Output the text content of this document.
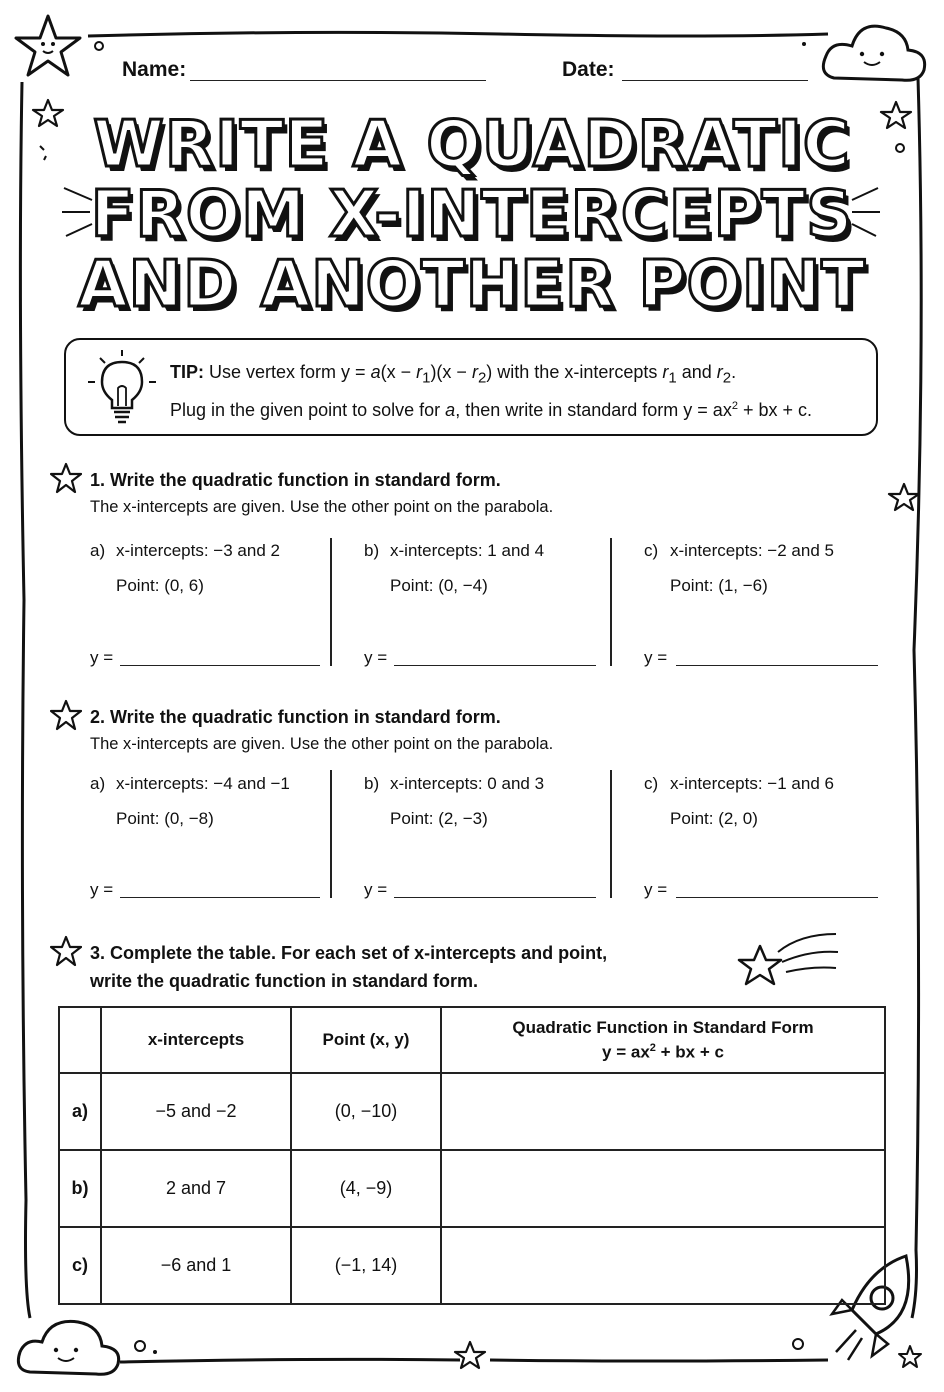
Name:	Date:
WRITE A QUADRATIC
FROM X-INTERCEPTS
AND ANOTHER POINT
TIP: Use vertex form $y = a(x - r_1)(x - r_2)$ with the x-intercepts $r_1$ and $r_2$.
Plug in the given point to solve for a, then write in standard form $y = ax^2$ + bx + c.
1. Write the quadratic function in standard form.
The x-intercepts are given. Use the other point on the parabola.
a) x-intercepts: −3 and 2
Point: (0, 6)
y =
b) x-intercepts: 1 and 4
Point: (0, −4)
y =
c) x-intercepts: −2 and 5
Point: (1, −6)
y =
2. Write the quadratic function in standard form.
The x-intercepts are given. Use the other point on the parabola.
a) x-intercepts: −4 and −1
Point: (0, −8)
y =
b) x-intercepts: 0 and 3
Point: (2, −3)
y =
c) x-intercepts: −1 and 6
Point: (2, 0)
y =
3. Complete the table. For each set of x-intercepts and point,
write the quadratic function in standard form.
	x-intercepts	Point (x, y)	Quadratic Function in Standard Form
$y = ax^2$ + bx + c

a)	−5 and −2	(0, −10)	
b)	2 and 7	(4, −9)	
c)	−6 and 1	(−1, 14)	
